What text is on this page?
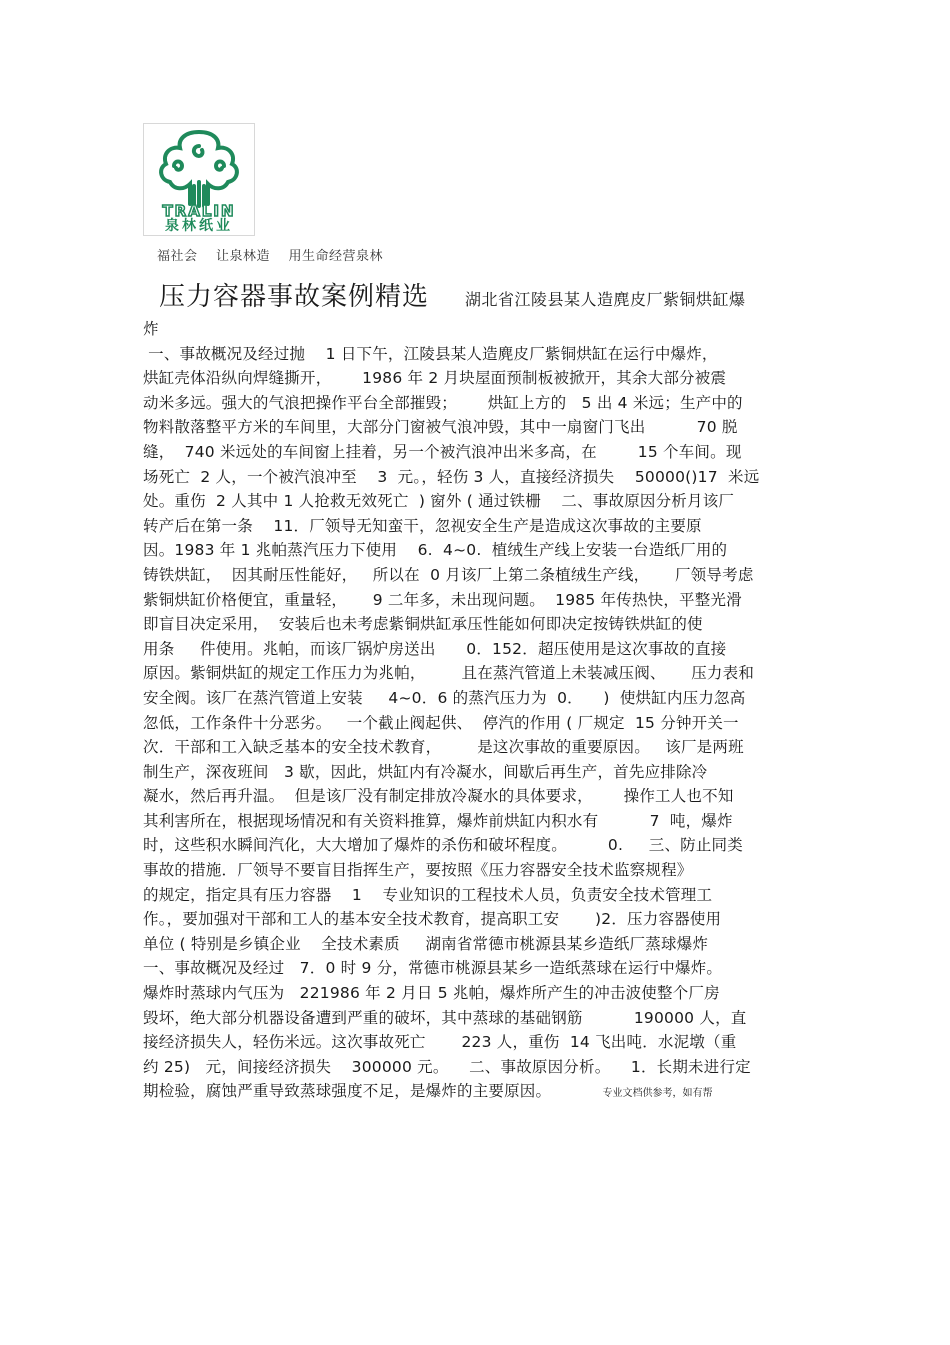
TRALIN
泉林纸业
福社会    让泉林造    用生命经营泉林
压力容器事故案例精选 湖北省江陵县某人造麂皮厂紫铜烘缸爆
炸
一、事故概况及经过抛    1 日下午，江陵县某人造麂皮厂紫铜烘缸在运行中爆炸，
烘缸壳体沿纵向焊缝撕开，      1986 年 2 月块屋面预制板被掀开，其余大部分被震
动米多远。强大的气浪把操作平台全部摧毁；      烘缸上方的   5 出 4 米远；生产中的
物料散落整平方米的车间里，大部分门窗被气浪冲毁，其中一扇窗门飞出          70 脱
缝，  740 米远处的车间窗上挂着，另一个被汽浪冲出米多高，在        15 个车间。现
场死亡  2 人，一个被汽浪冲至    3  元。，轻伤 3 人，直接经济损失    50000()17  米远
处。重伤  2 人其中 1 人抢救无效死亡  ) 窗外 ( 通过铁栅    二、事故原因分析月该厂
转产后在第一条    11．厂领导无知蛮干，忽视安全生产是造成这次事故的主要原
因。1983 年 1 兆帕蒸汽压力下使用    6.  4~0.  植绒生产线上安装一台造纸厂用的
铸铁烘缸，  因其耐压性能好，   所以在  0 月该厂上第二条植绒生产线，     厂领导考虑
紫铜烘缸价格便宜，重量轻，     9 二年多，未出现问题。  1985 年传热快，平整光滑
即盲目决定采用，  安装后也未考虑紫铜烘缸承压性能如何即决定按铸铁烘缸的使
用条     件使用。兆帕，而该厂锅炉房送出      0．152．超压使用是这次事故的直接
原因。紫铜烘缸的规定工作压力为兆帕，       且在蒸汽管道上未装减压阀、     压力表和
安全阀。该厂在蒸汽管道上安装     4~0．6 的蒸汽压力为  0．    )  使烘缸内压力忽高
忽低，工作条件十分恶劣。   一个截止阀起供、  停汽的作用 ( 厂规定  15 分钟开关一
次．干部和工入缺乏基本的安全技术教育，       是这次事故的重要原因。   该厂是两班
制生产，深夜班间   3 歇，因此，烘缸内有冷凝水，间歇后再生产，首先应排除冷
凝水，然后再升温。  但是该厂没有制定排放冷凝水的具体要求，      操作工人也不知
其利害所在，根据现场情况和有关资料推算，爆炸前烘缸内积水有          7  吨，爆炸
时，这些积水瞬间汽化，大大增加了爆炸的杀伤和破坏程度。        0.     三、防止同类
事故的措施．厂领导不要盲目指挥生产，要按照《压力容器安全技术监察规程》
的规定，指定具有压力容器    1    专业知识的工程技术人员，负责安全技术管理工
作。，要加强对干部和工人的基本安全技术教育，提高职工安       )2．压力容器使用
单位 ( 特别是乡镇企业    全技术素质     湖南省常德市桃源县某乡造纸厂蒸球爆炸
一、事故概况及经过   7．0 时 9 分，常德市桃源县某乡一造纸蒸球在运行中爆炸。
爆炸时蒸球内气压为   221986 年 2 月日 5 兆帕，爆炸所产生的冲击波使整个厂房
毁坏，绝大部分机器设备遭到严重的破坏，其中蒸球的基础钢筋          190000 人，直
接经济损失人，轻伤米远。这次事故死亡       223 人，重伤  14 飞出吨．水泥墩（重
约 25)   元，间接经济损失    300000 元。    二、事故原因分析。    1．长期未进行定
期检验，腐蚀严重导致蒸球强度不足，是爆炸的主要原因。	专业文档供参考，如有帮
